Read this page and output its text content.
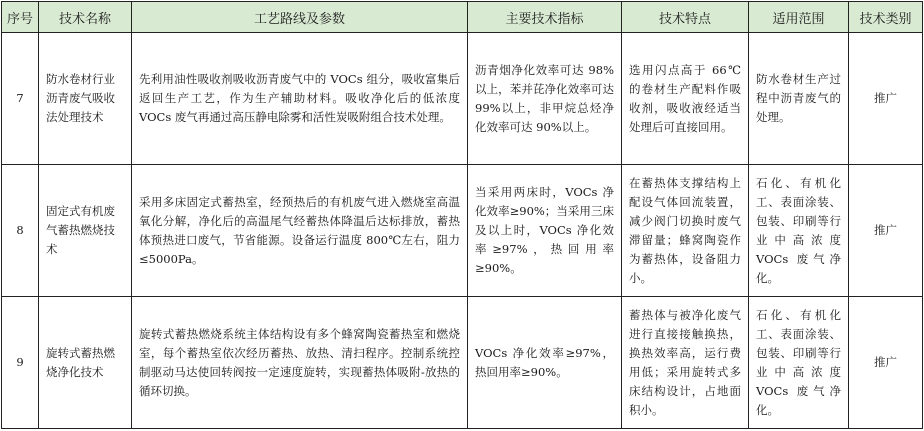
序号	技术名称	工艺路线及参数	主要技术指标	技术特点	适用范围	技术类别
7	防水卷材行业沥青废气吸收法处理技术	先利用油性吸收剂吸收沥青废气中的 VOCs 组分，吸收富集后返回生产工艺，作为生产辅助材料。吸收净化后的低浓度 VOCs 废气再通过高压静电除雾和活性炭吸附组合技术处理。	沥青烟净化效率可达 98%以上，苯并芘净化效率可达 99%以上，非甲烷总烃净化效率可达 90%以上。	选用闪点高于 66℃ 的卷材生产配料作吸收剂，吸收液经适当处理后可直接回用。	防水卷材生产过程中沥青废气的处理。	推广
8	固定式有机废气蓄热燃烧技术	采用多床固定式蓄热室，经预热后的有机废气进入燃烧室高温氧化分解，净化后的高温尾气经蓄热体降温后达标排放，蓄热体预热进口废气，节省能源。设备运行温度 800℃左右，阻力≤5000Pa。	当采用两床时，VOCs 净化效率≥90%；当采用三床及以上时，VOCs 净化效率≥97%，热回用率≥90%。	在蓄热体支撑结构上配设气体回流装置，减少阀门切换时废气滞留量；蜂窝陶瓷作为蓄热体，设备阻力小。	石化、有机化工、表面涂装、包装、印刷等行业中高浓度 VOCs 废气净化。	推广
9	旋转式蓄热燃烧净化技术	旋转式蓄热燃烧系统主体结构设有多个蜂窝陶瓷蓄热室和燃烧室，每个蓄热室依次经历蓄热、放热、清扫程序。控制系统控制驱动马达使回转阀按一定速度旋转，实现蓄热体吸附-放热的循环切换。	VOCs 净化效率≥97%，热回用率≥90%。	蓄热体与被净化废气进行直接接触换热，换热效率高，运行费用低；采用旋转式多床结构设计，占地面积小。	石化、有机化工、表面涂装、包装、印刷等行业中高浓度 VOCs 废气净化。	推广
